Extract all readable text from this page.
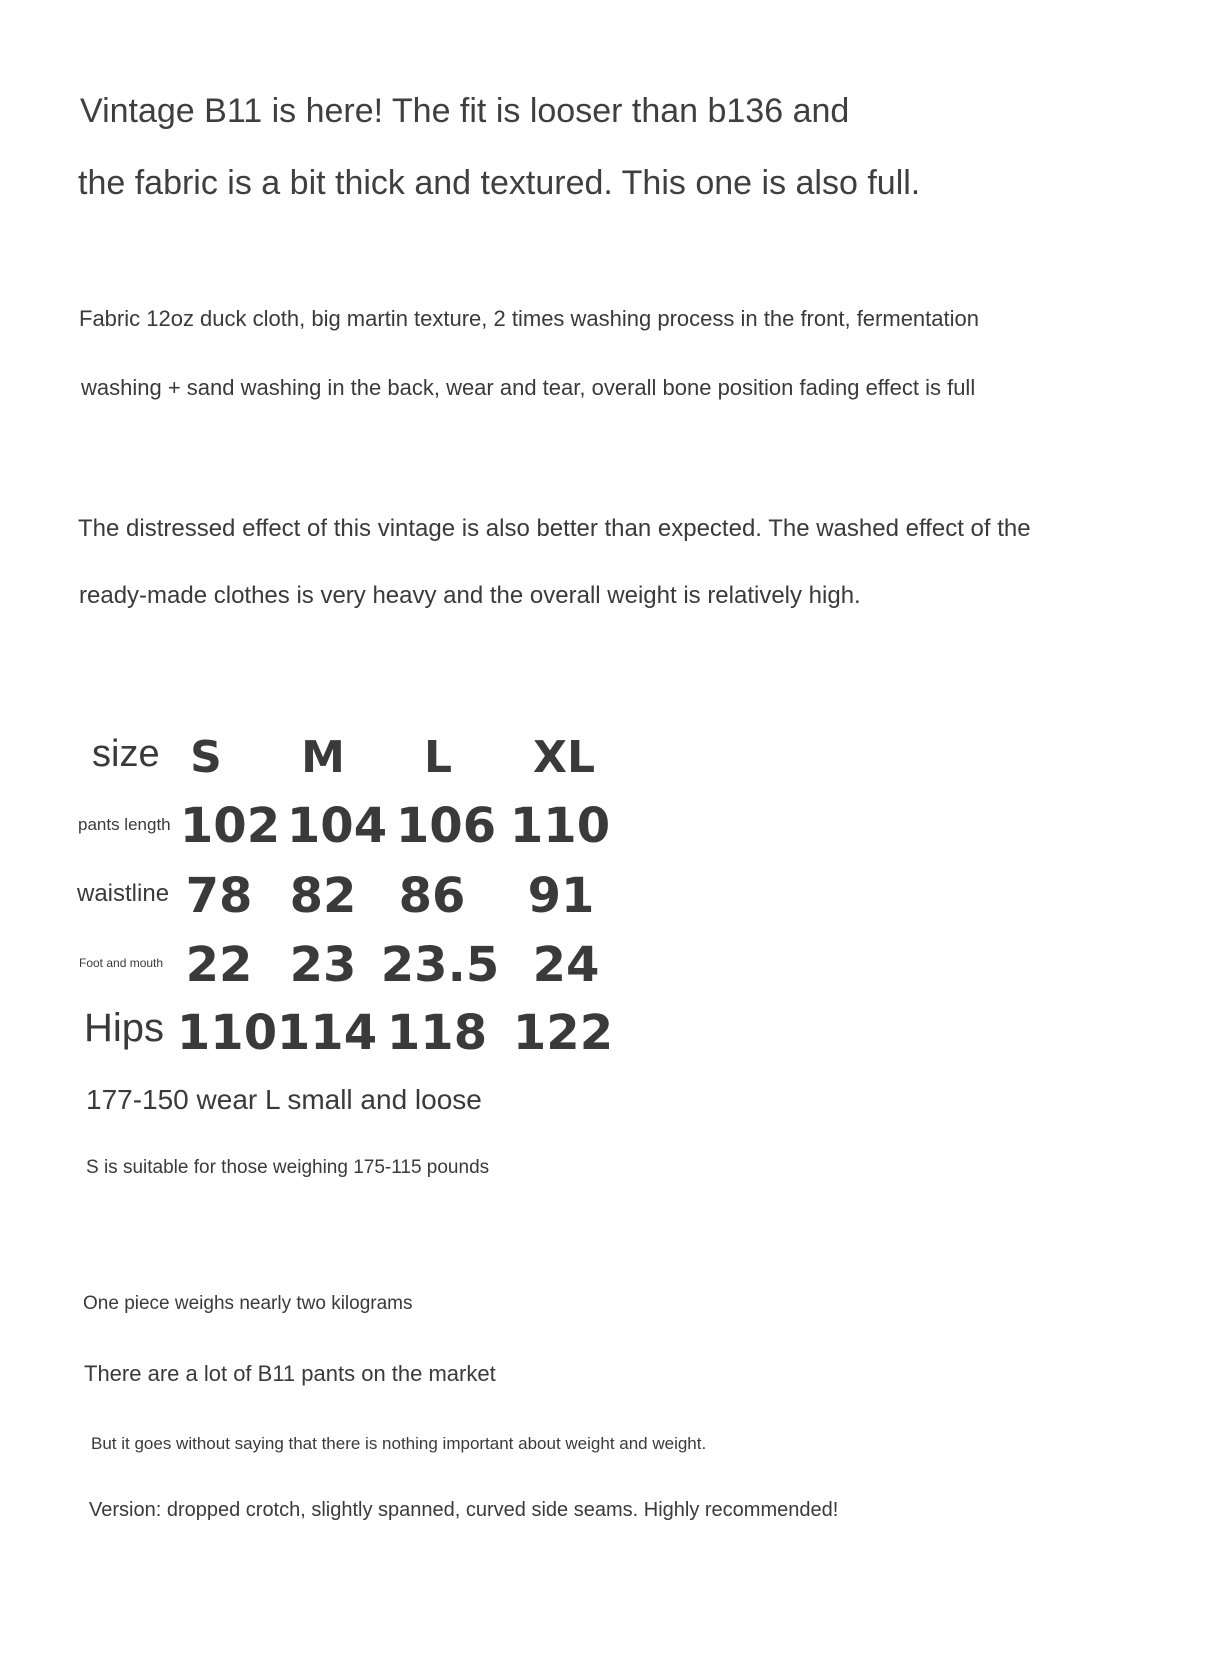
Vintage B11 is here! The fit is looser than b136 and

the fabric is a bit thick and textured. This one is also full.

Fabric 12oz duck cloth, big martin texture, 2 times washing process in the front, fermentation

washing + sand washing in the back, wear and tear, overall bone position fading effect is full

The distressed effect of this vintage is also better than expected. The washed effect of the

ready-made clothes is very heavy and the overall weight is relatively high.

size S M L XL
pants length 102 104 106 110
waistline 78 82 86 91
Foot and mouth 22 23 23.5 24
Hips 110 114 118 122

177-150 wear L small and loose

S is suitable for those weighing 175-115 pounds

One piece weighs nearly two kilograms

There are a lot of B11 pants on the market

But it goes without saying that there is nothing important about weight and weight.

Version: dropped crotch, slightly spanned, curved side seams. Highly recommended!
